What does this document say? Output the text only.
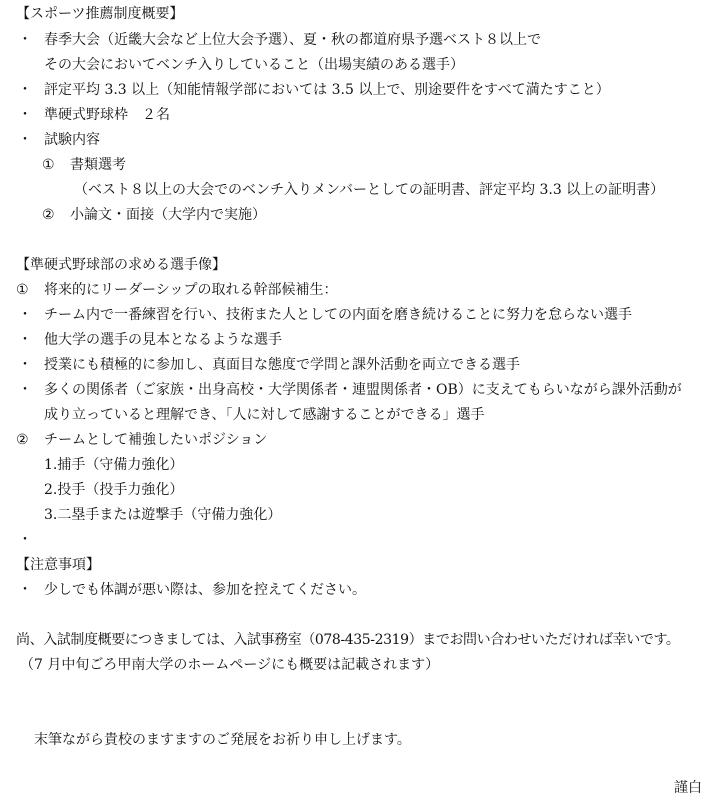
【スポーツ推薦制度概要】
・ 春季大会（近畿大会など上位大会予選）、夏・秋の都道府県予選ベスト８以上で
その大会においてベンチ入りしていること（出場実績のある選手）
・ 評定平均 3.3 以上（知能情報学部においては 3.5 以上で、別途要件をすべて満たすこと）
・ 準硬式野球枠　２名
・ 試験内容
① 書類選考
（ベスト８以上の大会でのベンチ入りメンバーとしての証明書、評定平均 3.3 以上の証明書）
② 小論文・面接（大学内で実施）
【準硬式野球部の求める選手像】
① 将来的にリーダーシップの取れる幹部候補生：
・ チーム内で一番練習を行い、技術また人としての内面を磨き続けることに努力を怠らない選手
・ 他大学の選手の見本となるような選手
・ 授業にも積極的に参加し、真面目な態度で学問と課外活動を両立できる選手
・ 多くの関係者（ご家族・出身高校・大学関係者・連盟関係者・OB）に支えてもらいながら課外活動が
成り立っていると理解でき、「人に対して感謝することができる」選手
② チームとして補強したいポジション
1.捕手（守備力強化）
2.投手（投手力強化）
3.二塁手または遊撃手（守備力強化）
・
【注意事項】
・ 少しでも体調が悪い際は、参加を控えてください。
尚、入試制度概要につきましては、入試事務室（078-435-2319）までお問い合わせいただければ幸いです。
（7 月中旬ごろ甲南大学のホームページにも概要は記載されます）
末筆ながら貴校のますますのご発展をお祈り申し上げます。
謹白
